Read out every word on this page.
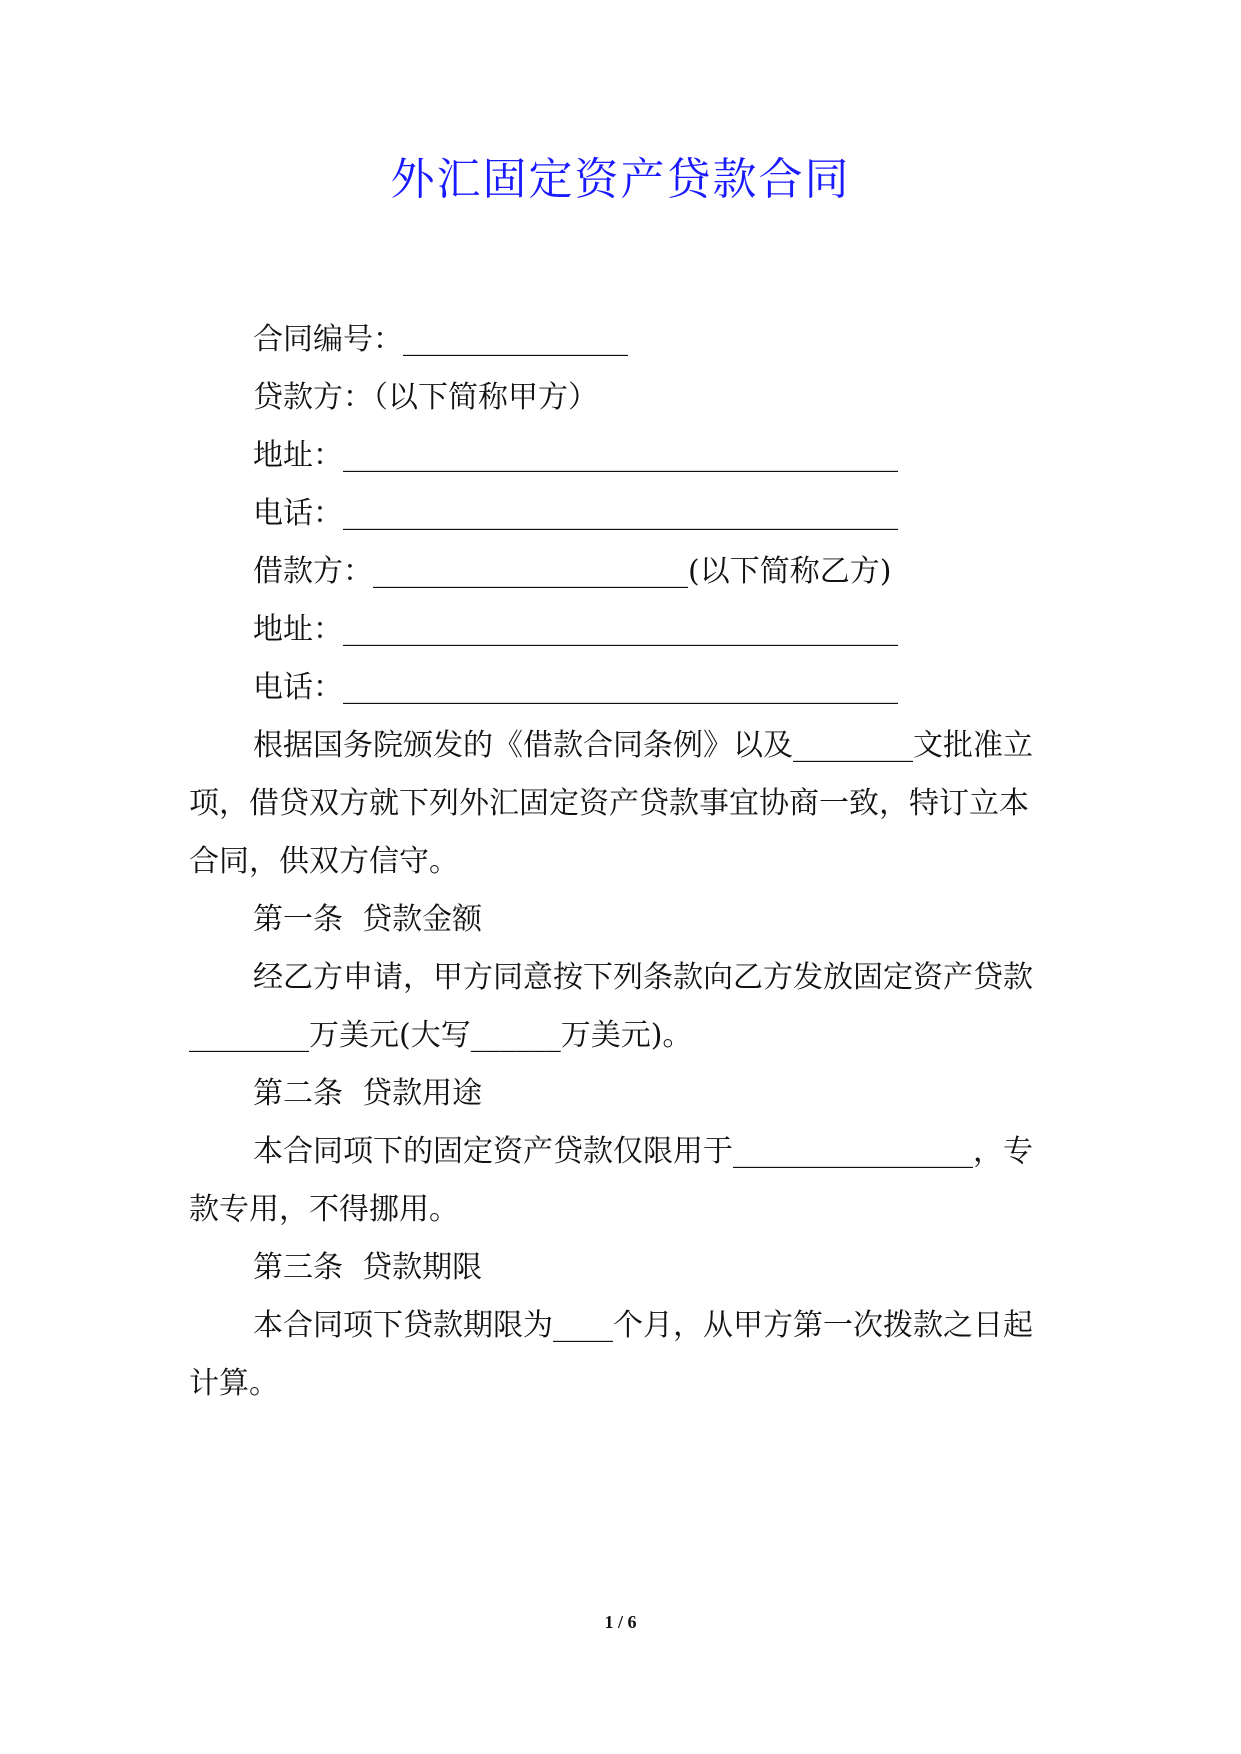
外汇固定资产贷款合同
合同编号：_______________
贷款方：（以下简称甲方）
地址：_____________________________________
电话：_____________________________________
借款方：_____________________(以下简称乙方)
地址：_____________________________________
电话：_____________________________________
根据国务院颁发的《借款合同条例》以及________文批准立
项，借贷双方就下列外汇固定资产贷款事宜协商一致，特订立本
合同，供双方信守。
第一条  贷款金额
经乙方申请，甲方同意按下列条款向乙方发放固定资产贷款
________万美元(大写______万美元)。
第二条  贷款用途
本合同项下的固定资产贷款仅限用于________________，专
款专用，不得挪用。
第三条  贷款期限
本合同项下贷款期限为____个月，从甲方第一次拨款之日起
计算。
1 / 6
